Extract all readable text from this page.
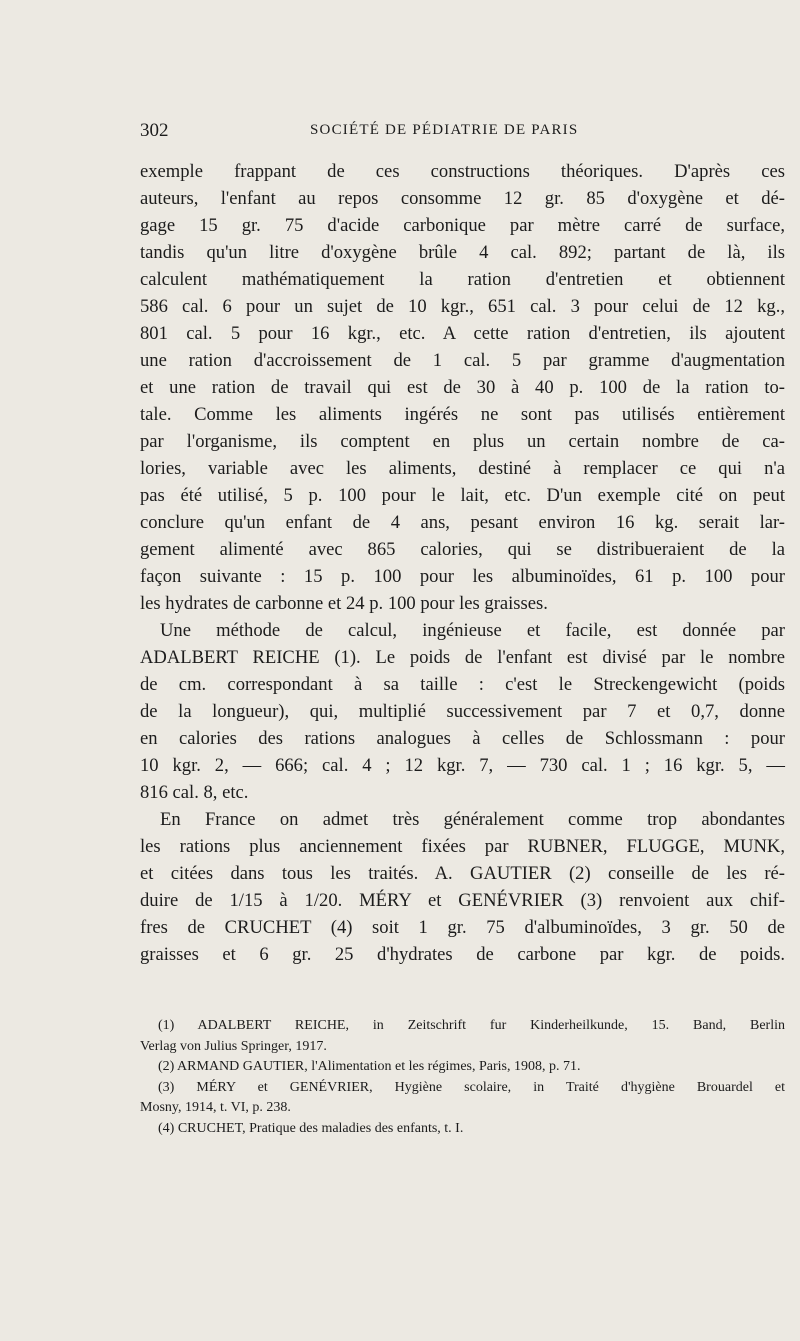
302	SOCIÉTÉ DE PÉDIATRIE DE PARIS
exemple frappant de ces constructions théoriques. D'après ces
auteurs, l'enfant au repos consomme 12 gr. 85 d'oxygène et dé-
gage 15 gr. 75 d'acide carbonique par mètre carré de surface,
tandis qu'un litre d'oxygène brûle 4 cal. 892; partant de là, ils
calculent mathématiquement la ration d'entretien et obtiennent
586 cal. 6 pour un sujet de 10 kgr., 651 cal. 3 pour celui de 12 kg.,
801 cal. 5 pour 16 kgr., etc. A cette ration d'entretien, ils ajoutent
une ration d'accroissement de 1 cal. 5 par gramme d'augmentation
et une ration de travail qui est de 30 à 40 p. 100 de la ration to-
tale. Comme les aliments ingérés ne sont pas utilisés entièrement
par l'organisme, ils comptent en plus un certain nombre de ca-
lories, variable avec les aliments, destiné à remplacer ce qui n'a
pas été utilisé, 5 p. 100 pour le lait, etc. D'un exemple cité on peut
conclure qu'un enfant de 4 ans, pesant environ 16 kg. serait lar-
gement alimenté avec 865 calories, qui se distribueraient de la
façon suivante : 15 p. 100 pour les albuminoïdes, 61 p. 100 pour
les hydrates de carbonne et 24 p. 100 pour les graisses.
Une méthode de calcul, ingénieuse et facile, est donnée par
ADALBERT REICHE (1). Le poids de l'enfant est divisé par le nombre
de cm. correspondant à sa taille : c'est le Streckengewicht (poids
de la longueur), qui, multiplié successivement par 7 et 0,7, donne
en calories des rations analogues à celles de Schlossmann : pour
10 kgr. 2, — 666; cal. 4 ; 12 kgr. 7, — 730 cal. 1 ; 16 kgr. 5, —
816 cal. 8, etc.
En France on admet très généralement comme trop abondantes
les rations plus anciennement fixées par RUBNER, FLUGGE, MUNK,
et citées dans tous les traités. A. GAUTIER (2) conseille de les ré-
duire de 1/15 à 1/20. MÉRY et GENÉVRIER (3) renvoient aux chif-
fres de CRUCHET (4) soit 1 gr. 75 d'albuminoïdes, 3 gr. 50 de
graisses et 6 gr. 25 d'hydrates de carbone par kgr. de poids.
(1) ADALBERT REICHE, in Zeitschrift fur Kinderheilkunde, 15. Band, Berlin
Verlag von Julius Springer, 1917.
(2) ARMAND GAUTIER, l'Alimentation et les régimes, Paris, 1908, p. 71.
(3) MÉRY et GENÉVRIER, Hygiène scolaire, in Traité d'hygiène Brouardel et
Mosny, 1914, t. VI, p. 238.
(4) CRUCHET, Pratique des maladies des enfants, t. I.
